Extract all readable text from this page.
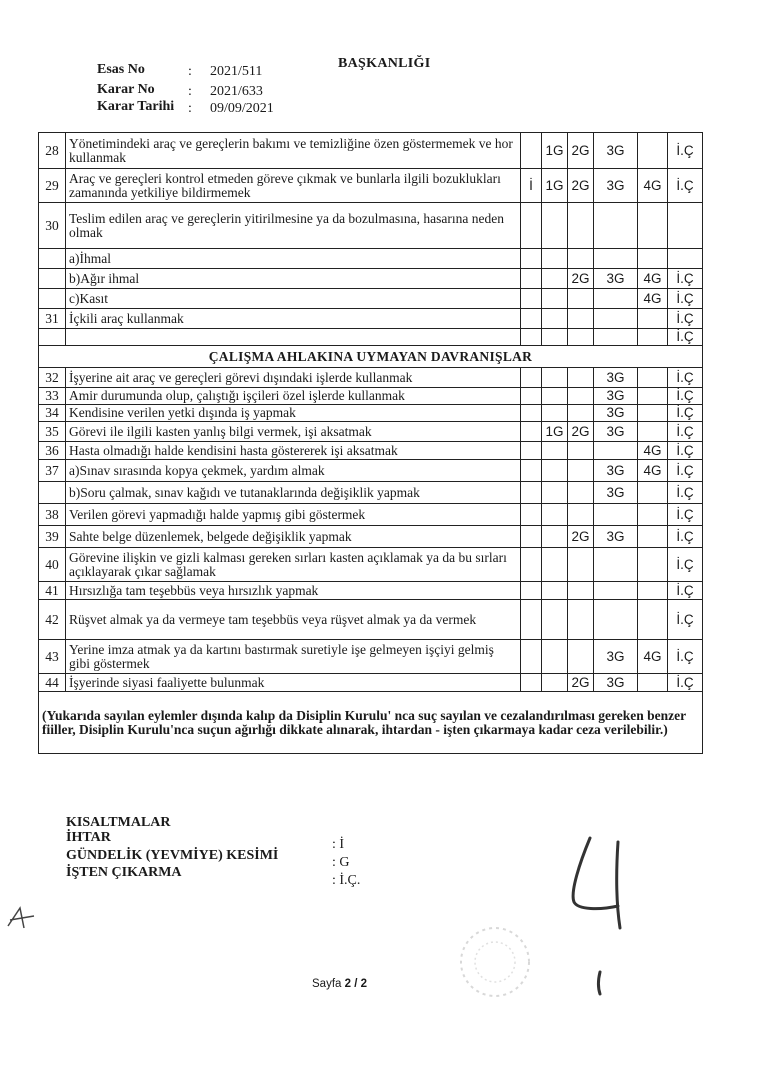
BAŞKANLIĞI
Esas No	: 2021/511
Karar No : 2021/633
Karar Tarihi : 09/09/2021
28	Yönetimindeki araç ve gereçlerin bakımı ve temizliğine özen göstermemek ve hor kullanmak		1G	2G	3G		İ.Ç
29	Araç ve gereçleri kontrol etmeden göreve çıkmak ve bunlarla ilgili bozuklukları zamanında yetkiliye bildirmemek	İ	1G	2G	3G	4G	İ.Ç
30	Teslim edilen araç ve gereçlerin yitirilmesine ya da bozulmasına, hasarına neden olmak						
	a)İhmal						
	b)Ağır ihmal			2G	3G	4G	İ.Ç
	c)Kasıt					4G	İ.Ç
31	İçkili araç kullanmak						İ.Ç
							İ.Ç
ÇALIŞMA AHLAKINA UYMAYAN DAVRANIŞLAR							
32	İşyerine ait araç ve gereçleri görevi dışındaki işlerde kullanmak				3G		İ.Ç
33	Amir durumunda olup, çalıştığı işçileri özel işlerde kullanmak				3G		İ.Ç
34	Kendisine verilen yetki dışında iş yapmak				3G		İ.Ç
35	Görevi ile ilgili kasten yanlış bilgi vermek, işi aksatmak		1G	2G	3G		İ.Ç
36	Hasta olmadığı halde kendisini hasta göstererek işi aksatmak					4G	İ.Ç
37	a)Sınav sırasında kopya çekmek, yardım almak				3G	4G	İ.Ç
	b)Soru çalmak, sınav kağıdı ve tutanaklarında değişiklik yapmak				3G		İ.Ç
38	Verilen görevi yapmadığı halde yapmış gibi göstermek						İ.Ç
39	Sahte belge düzenlemek, belgede değişiklik yapmak			2G	3G		İ.Ç
40	Görevine ilişkin ve gizli kalması gereken sırları kasten açıklamak ya da bu sırları açıklayarak çıkar sağlamak						İ.Ç
41	Hırsızlığa tam teşebbüs veya hırsızlık yapmak						İ.Ç
42	Rüşvet almak ya da vermeye tam teşebbüs veya rüşvet almak ya da vermek						İ.Ç
43	Yerine imza atmak ya da kartını bastırmak suretiyle işe gelmeyen işçiyi gelmiş gibi göstermek				3G	4G	İ.Ç
44	İşyerinde siyasi faaliyette bulunmak			2G	3G		İ.Ç
(Yukarıda sayılan eylemler dışında kalıp da Disiplin Kurulu' nca suç sayılan ve cezalandırılması gereken benzer fiiller, Disiplin Kurulu'nca suçun ağırlığı dikkate alınarak, ihtardan - işten çıkarmaya kadar ceza verilebilir.)							
KISALTMALAR
İHTAR
GÜNDELİK (YEVMİYE) KESİMİ
İŞTEN ÇIKARMA
: İ
: G
: İ.Ç.
Sayfa 2 / 2
